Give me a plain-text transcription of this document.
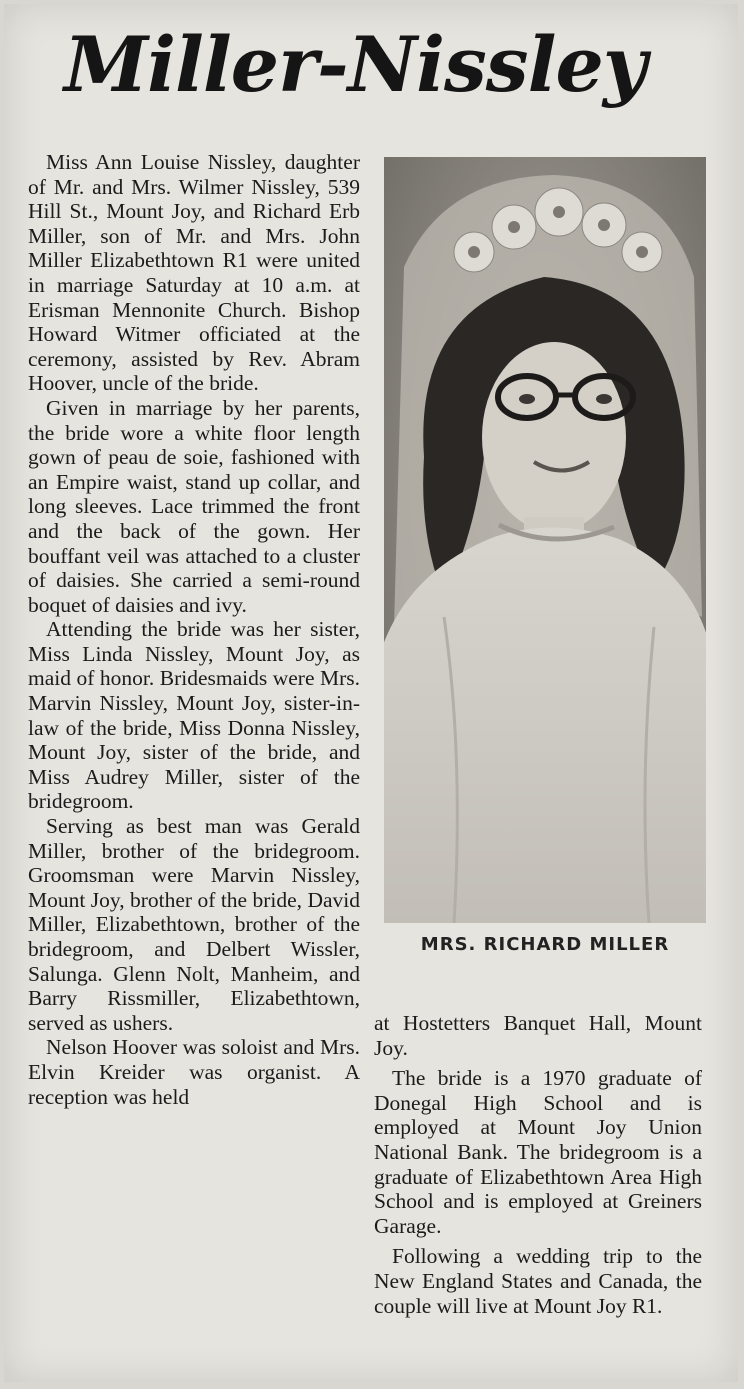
Miller-Nissley

Miss Ann Louise Nissley, daughter of Mr. and Mrs. Wilmer Nissley, 539 Hill St., Mount Joy, and Richard Erb Miller, son of Mr. and Mrs. John Miller Elizabethtown R1 were united in marriage Saturday at 10 a.m. at Erisman Mennonite Church. Bishop Howard Witmer officiated at the ceremony, assisted by Rev. Abram Hoover, uncle of the bride.

Given in marriage by her parents, the bride wore a white floor length gown of peau de soie, fashioned with an Empire waist, stand up collar, and long sleeves. Lace trimmed the front and the back of the gown. Her bouffant veil was attached to a cluster of daisies. She carried a semi-round boquet of daisies and ivy.

Attending the bride was her sister, Miss Linda Nissley, Mount Joy, as maid of honor. Bridesmaids were Mrs. Marvin Nissley, Mount Joy, sister-in-law of the bride, Miss Donna Nissley, Mount Joy, sister of the bride, and Miss Audrey Miller, sister of the bridegroom.

Serving as best man was Gerald Miller, brother of the bridegroom. Groomsman were Marvin Nissley, Mount Joy, brother of the bride, David Miller, Elizabethtown, brother of the bridegroom, and Delbert Wissler, Salunga. Glenn Nolt, Manheim, and Barry Rissmiller, Elizabethtown, served as ushers.

Nelson Hoover was soloist and Mrs. Elvin Kreider was organist. A reception was held

MRS. RICHARD MILLER

at Hostetters Banquet Hall, Mount Joy.

The bride is a 1970 graduate of Donegal High School and is employed at Mount Joy Union National Bank. The bridegroom is a graduate of Elizabethtown Area High School and is employed at Greiners Garage.

Following a wedding trip to the New England States and Canada, the couple will live at Mount Joy R1.
